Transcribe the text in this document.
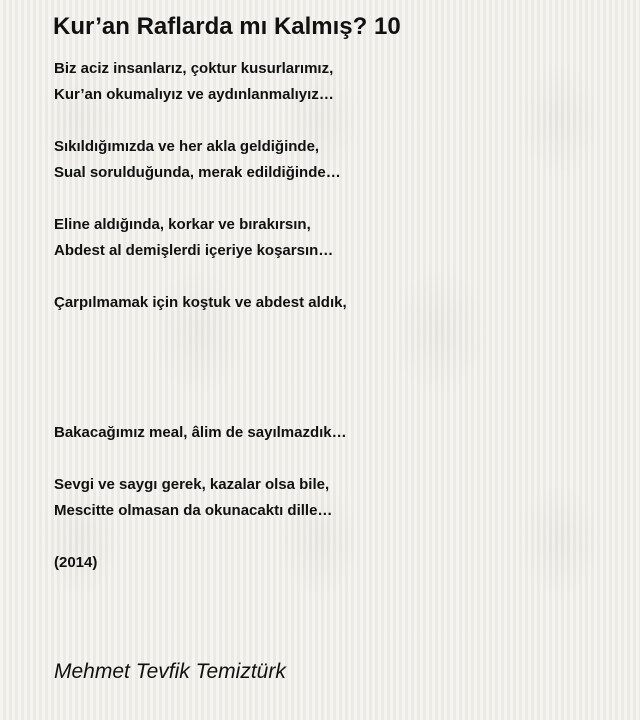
Kur’an Raflarda mı Kalmış? 10
Biz aciz insanlarız, çoktur kusurlarımız,
Kur’an okumalıyız ve aydınlanmalıyız…
Sıkıldığımızda ve her akla geldiğinde,
Sual sorulduğunda, merak edildiğinde…
Eline aldığında, korkar ve bırakırsın,
Abdest al demişlerdi içeriye koşarsın…
Çarpılmamak için koştuk ve abdest aldık,
Bakacağımız meal, âlim de sayılmazdık…
Sevgi ve saygı gerek, kazalar olsa bile,
Mescitte olmasan da okunacaktı dille…
(2014)
Mehmet Tevfik Temiztürk
